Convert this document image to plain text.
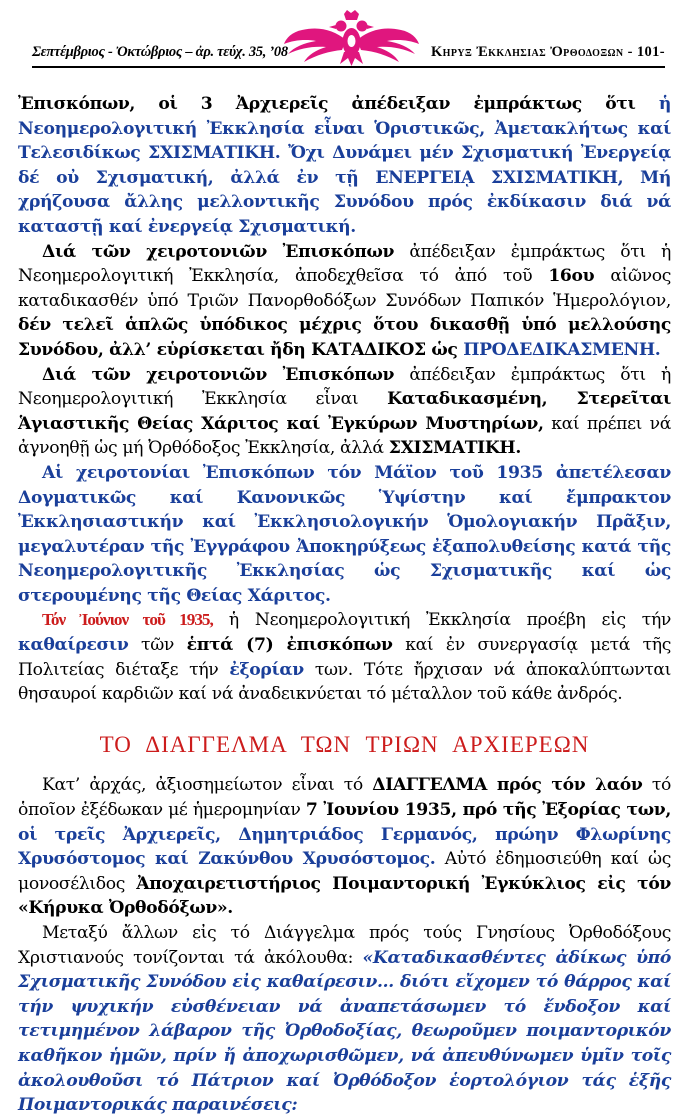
Σεπτέμβριος - Ὀκτώβριος – ἀρ. τεύχ. 35, ’08	Κηρυξ Ἐκκλησιας Ὀρθοδοξων - 101-

Ἐπισκόπων, οἱ 3 Ἀρχιερεῖς ἀπέδειξαν ἐμπράκτως ὅτι ἡ Νεοημερολογιτική Ἐκκλησία εἶναι Ὁριστικῶς, Ἀμετακλήτως καί Τελεσιδίκως ΣΧΙΣΜΑΤΙΚΗ. Ὄχι Δυνάμει μέν Σχισματική Ἐνεργείᾳ δέ οὐ Σχισματική, ἀλλά ἐν τῇ ΕΝΕΡΓΕΙᾼ ΣΧΙΣΜΑΤΙΚΗ, Μή χρήζουσα ἄλλης μελλοντικῆς Συνόδου πρός ἐκδίκασιν διά νά καταστῇ καί ἐνεργείᾳ Σχισματική.

Διά τῶν χειροτονιῶν Ἐπισκόπων ἀπέδειξαν ἐμπράκτως ὅτι ἡ Νεοημερολογιτική Ἐκκλησία, ἀποδεχθεῖσα τό ἀπό τοῦ 16ου αἰῶνος καταδικασθέν ὑπό Τριῶν Πανορθοδόξων Συνόδων Παπικόν Ἡμερολόγιον, δέν τελεῖ ἁπλῶς ὑπόδικος μέχρις ὅτου δικασθῇ ὑπό μελλούσης Συνόδου, ἀλλ’ εὑρίσκεται ἤδη ΚΑΤΑΔΙΚΟΣ ὡς ΠΡΟΔΕΔΙΚΑΣΜΕΝΗ.

Διά τῶν χειροτονιῶν Ἐπισκόπων ἀπέδειξαν ἐμπράκτως ὅτι ἡ Νεοημερολογιτική Ἐκκλησία εἶναι Καταδικασμένη, Στερεῖται Ἁγιαστικῆς Θείας Χάριτος καί Ἐγκύρων Μυστηρίων, καί πρέπει νά ἀγνοηθῇ ὡς μή Ὀρθόδοξος Ἐκκλησία, ἀλλά ΣΧΙΣΜΑΤΙΚΗ.

Αἱ χειροτονίαι Ἐπισκόπων τόν Μάϊον τοῦ 1935 ἀπετέλεσαν Δογματικῶς καί Κανονικῶς Ὑψίστην καί ἔμπρακτον Ἐκκλησιαστικήν καί Ἐκκλησιολογικήν Ὁμολογιακήν Πρᾶξιν, μεγαλυτέραν τῆς Ἐγγράφου Ἀποκηρύξεως ἐξαπολυθείσης κατά τῆς Νεοημερολογιτικῆς Ἐκκλησίας ὡς Σχισματικῆς καί ὡς στερουμένης τῆς Θείας Χάριτος.

Τόν Ἰούνιον τοῦ 1935, ἡ Νεοημερολογιτική Ἐκκλησία προέβη εἰς τήν καθαίρεσιν τῶν ἑπτά (7) ἐπισκόπων καί ἐν συνεργασίᾳ μετά τῆς Πολιτείας διέταξε τήν ἐξορίαν των. Τότε ἤρχισαν νά ἀποκαλύπτωνται θησαυροί καρδιῶν καί νά ἀναδεικνύεται τό μέταλλον τοῦ κάθε ἀνδρός.

ΤΟ ΔΙΑΓΓΕΛΜΑ ΤΩΝ ΤΡΙΩΝ ΑΡΧΙΕΡΕΩΝ

Κατ’ ἀρχάς, ἀξιοσημείωτον εἶναι τό ΔΙΑΓΓΕΛΜΑ πρός τόν λαόν τό ὁποῖον ἐξέδωκαν μέ ἡμερομηνίαν 7 Ἰουνίου 1935, πρό τῆς Ἐξορίας των, οἱ τρεῖς Ἀρχιερεῖς, Δημητριάδος Γερμανός, πρώην Φλωρίνης Χρυσόστομος καί Ζακύνθου Χρυσόστομος. Αὐτό ἐδημοσιεύθη καί ὡς μονοσέλιδος Ἀποχαιρετιστήριος Ποιμαντορική Ἐγκύκλιος εἰς τόν «Κήρυκα Ὀρθοδόξων».

Μεταξύ ἄλλων εἰς τό Διάγγελμα πρός τούς Γνησίους Ὀρθοδόξους Χριστιανούς τονίζονται τά ἀκόλουθα: «Καταδικασθέντες ἀδίκως ὑπό Σχισματικῆς Συνόδου εἰς καθαίρεσιν… διότι εἴχομεν τό θάρρος καί τήν ψυχικήν εὐσθένειαν νά ἀναπετάσωμεν τό ἔνδοξον καί τετιμημένον λάβαρον τῆς Ὀρθοδοξίας, θεωροῦμεν ποιμαντορικόν καθῆκον ἡμῶν, πρίν ἤ ἀποχωρισθῶμεν, νά ἀπευθύνωμεν ὑμῖν τοῖς ἀκολουθοῦσι τό Πάτριον καί Ὀρθόδοξον ἑορτολόγιον τάς ἑξῆς Ποιμαντορικάς παραινέσεις:
